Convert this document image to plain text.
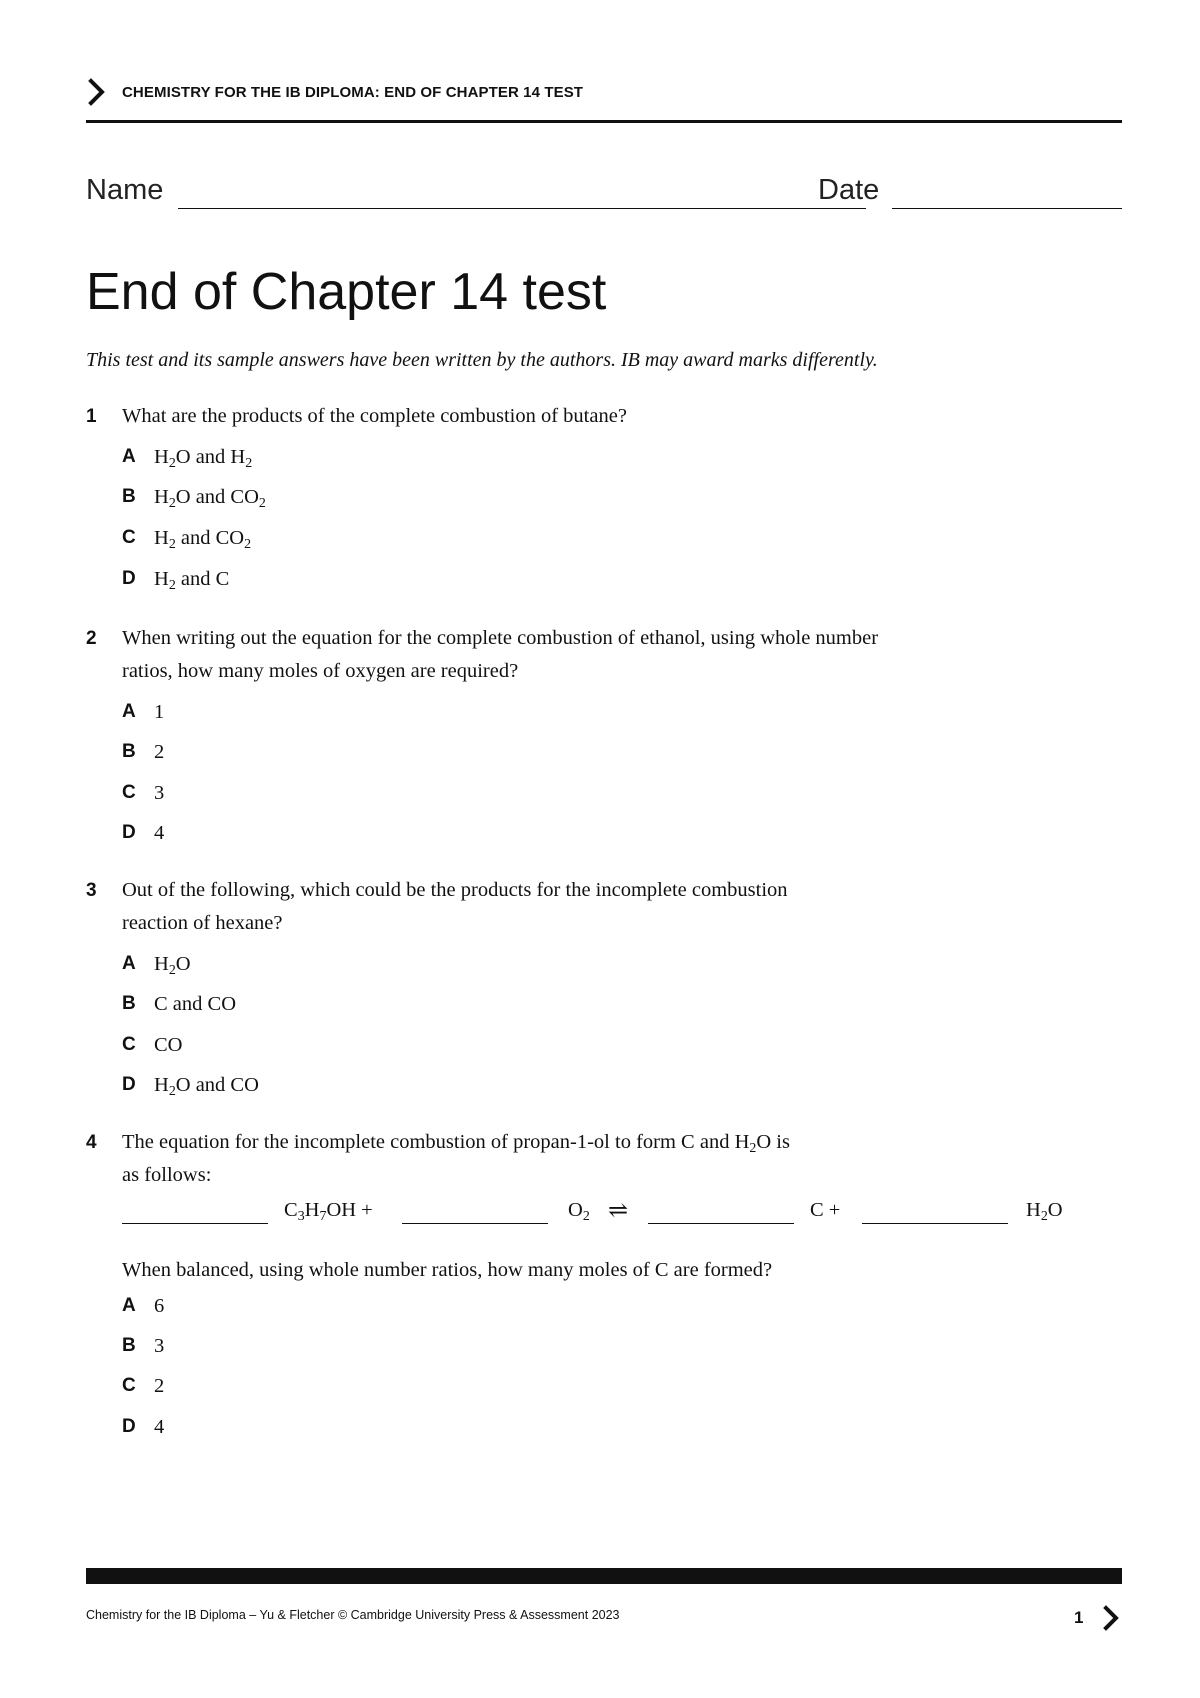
CHEMISTRY FOR THE IB DIPLOMA: END OF CHAPTER 14 TEST
Name	Date
End of Chapter 14 test
This test and its sample answers have been written by the authors. IB may award marks differently.
1 What are the products of the complete combustion of butane?
A $H_2O$ and $H_2$
B $H_2O$ and $CO_2$
C $H_2$ and $CO_2$
D $H_2$ and C
2 When writing out the equation for the complete combustion of ethanol, using whole number
ratios, how many moles of oxygen are required?
A 1
B 2
C 3
D 4
3 Out of the following, which could be the products for the incomplete combustion
reaction of hexane?
A $H_2O$
B C and CO
C CO
D $H_2O$ and CO
4 The equation for the incomplete combustion of propan-1-ol to form C and $H_2O$ is
as follows:
$C_3H_7OH$ +	$O_2$ ⇌	C +	$H_2O$
When balanced, using whole number ratios, how many moles of C are formed?
A 6
B 3
C 2
D 4
Chemistry for the IB Diploma – Yu & Fletcher © Cambridge University Press & Assessment 2023	1
